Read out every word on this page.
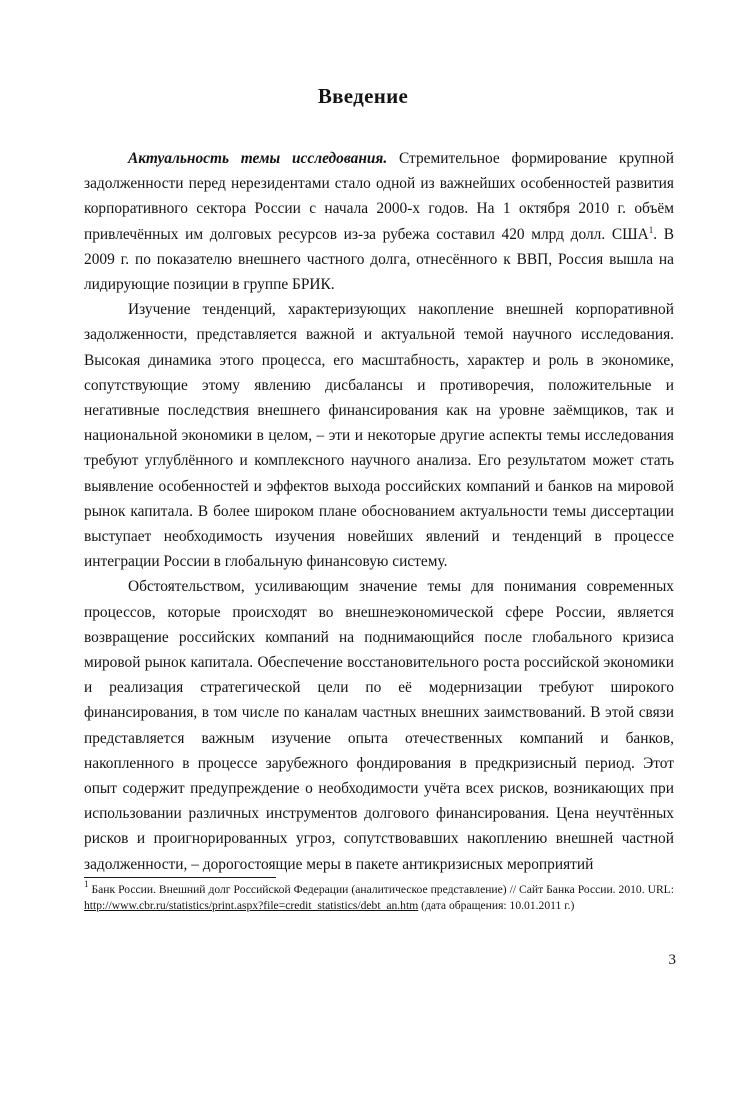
Введение

Актуальность темы исследования. Стремительное формирование крупной задолженности перед нерезидентами стало одной из важнейших особенностей развития корпоративного сектора России с начала 2000-х годов. На 1 октября 2010 г. объём привлечённых им долговых ресурсов из-за рубежа составил 420 млрд долл. США$^1$. В 2009 г. по показателю внешнего частного долга, отнесённого к ВВП, Россия вышла на лидирующие позиции в группе БРИК.

Изучение тенденций, характеризующих накопление внешней корпоративной задолженности, представляется важной и актуальной темой научного исследования. Высокая динамика этого процесса, его масштабность, характер и роль в экономике, сопутствующие этому явлению дисбалансы и противоречия, положительные и негативные последствия внешнего финансирования как на уровне заёмщиков, так и национальной экономики в целом, – эти и некоторые другие аспекты темы исследования требуют углублённого и комплексного научного анализа. Его результатом может стать выявление особенностей и эффектов выхода российских компаний и банков на мировой рынок капитала. В более широком плане обоснованием актуальности темы диссертации выступает необходимость изучения новейших явлений и тенденций в процессе интеграции России в глобальную финансовую систему.

Обстоятельством, усиливающим значение темы для понимания современных процессов, которые происходят во внешнеэкономической сфере России, является возвращение российских компаний на поднимающийся после глобального кризиса мировой рынок капитала. Обеспечение восстановительного роста российской экономики и реализация стратегической цели по её модернизации требуют широкого финансирования, в том числе по каналам частных внешних заимствований. В этой связи представляется важным изучение опыта отечественных компаний и банков, накопленного в процессе зарубежного фондирования в предкризисный период. Этот опыт содержит предупреждение о необходимости учёта всех рисков, возникающих при использовании различных инструментов долгового финансирования. Цена неучтённых рисков и проигнорированных угроз, сопутствовавших накоплению внешней частной задолженности, – дорогостоящие меры в пакете антикризисных мероприятий

$^1$ Банк России. Внешний долг Российской Федерации (аналитическое представление) // Сайт Банка России. 2010. URL: http://www.cbr.ru/statistics/print.aspx?file=credit_statistics/debt_an.htm (дата обращения: 10.01.2011 г.)
3
